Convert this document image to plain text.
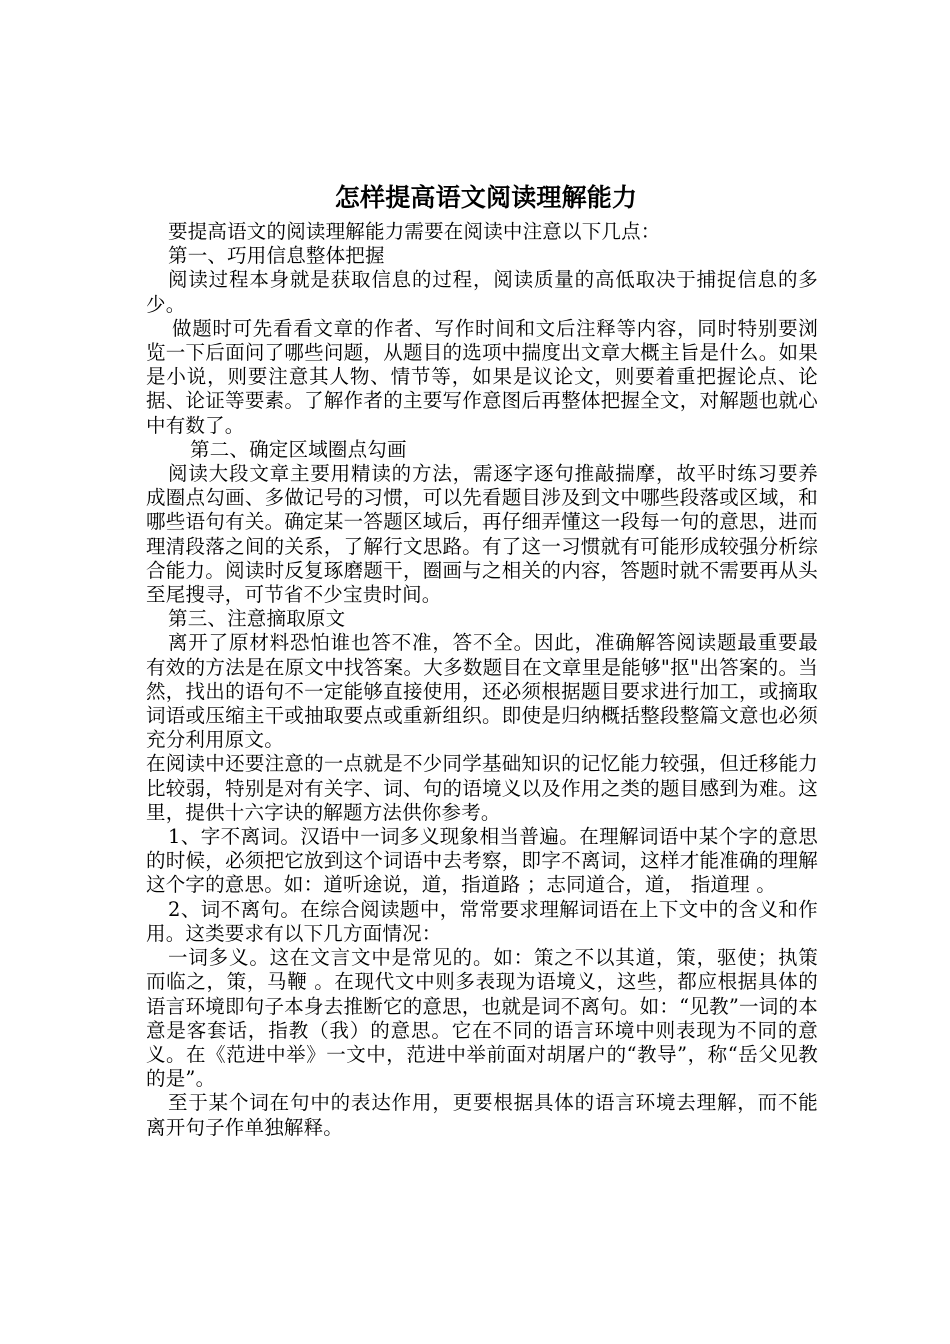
怎样提高语文阅读理解能力

要提高语文的阅读理解能力需要在阅读中注意以下几点：

第一、巧用信息整体把握

阅读过程本身就是获取信息的过程，阅读质量的高低取决于捕捉信息的多少。

做题时可先看看文章的作者、写作时间和文后注释等内容，同时特别要浏览一下后面问了哪些问题，从题目的选项中揣度出文章大概主旨是什么。如果是小说，则要注意其人物、情节等，如果是议论文，则要着重把握论点、论据、论证等要素。了解作者的主要写作意图后再整体把握全文，对解题也就心中有数了。

第二、确定区域圈点勾画

阅读大段文章主要用精读的方法，需逐字逐句推敲揣摩，故平时练习要养成圈点勾画、多做记号的习惯，可以先看题目涉及到文中哪些段落或区域，和哪些语句有关。确定某一答题区域后，再仔细弄懂这一段每一句的意思，进而理清段落之间的关系，了解行文思路。有了这一习惯就有可能形成较强分析综合能力。阅读时反复琢磨题干，圈画与之相关的内容，答题时就不需要再从头至尾搜寻，可节省不少宝贵时间。

第三、注意摘取原文

离开了原材料恐怕谁也答不准，答不全。因此，准确解答阅读题最重要最有效的方法是在原文中找答案。大多数题目在文章里是能够"抠"出答案的。当然，找出的语句不一定能够直接使用，还必须根据题目要求进行加工，或摘取词语或压缩主干或抽取要点或重新组织。即使是归纳概括整段整篇文意也必须充分利用原文。

在阅读中还要注意的一点就是不少同学基础知识的记忆能力较强，但迁移能力比较弱，特别是对有关字、词、句的语境义以及作用之类的题目感到为难。这里，提供十六字诀的解题方法供你参考。

1、字不离词。汉语中一词多义现象相当普遍。在理解词语中某个字的意思的时候，必须把它放到这个词语中去考察，即字不离词，这样才能准确的理解这个字的意思。如：道听途说，道，指道路 ；志同道合，道， 指道理 。

2、词不离句。在综合阅读题中，常常要求理解词语在上下文中的含义和作用。这类要求有以下几方面情况：

一词多义。这在文言文中是常见的。如：策之不以其道，策，驱使；执策而临之，策，马鞭 。在现代文中则多表现为语境义，这些，都应根据具体的语言环境即句子本身去推断它的意思，也就是词不离句。如：“见教”一词的本意是客套话，指教（我）的意思。它在不同的语言环境中则表现为不同的意义。在《范进中举》一文中，范进中举前面对胡屠户的“教导”，称“岳父见教的是”。

至于某个词在句中的表达作用，更要根据具体的语言环境去理解，而不能离开句子作单独解释。
